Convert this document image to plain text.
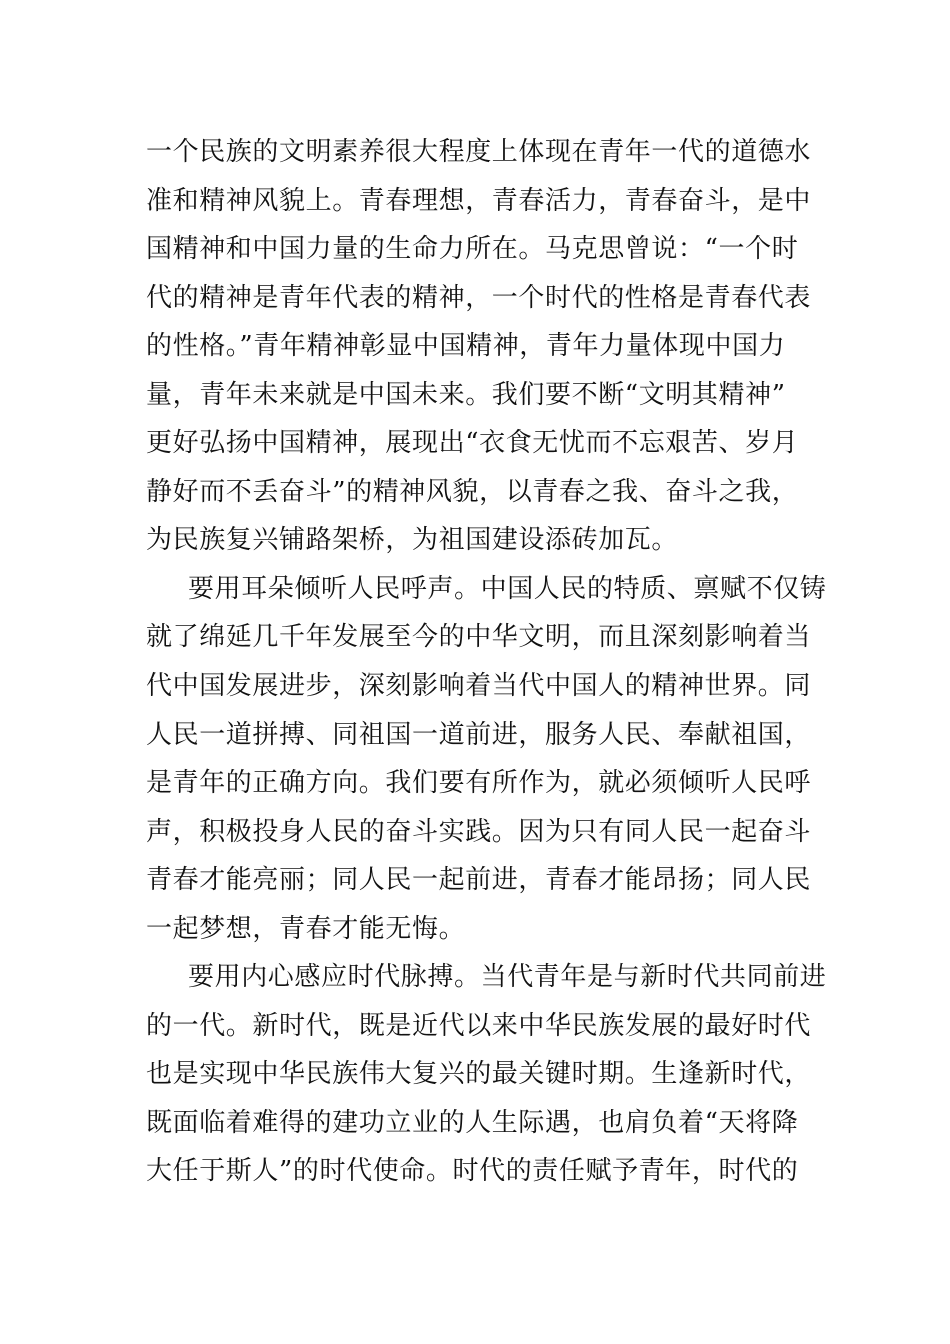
一个民族的文明素养很大程度上体现在青年一代的道德水
准和精神风貌上。青春理想，青春活力，青春奋斗，是中
国精神和中国力量的生命力所在。马克思曾说：“一个时
代的精神是青年代表的精神，一个时代的性格是青春代表
的性格。”青年精神彰显中国精神，青年力量体现中国力
量，青年未来就是中国未来。我们要不断“文明其精神”
更好弘扬中国精神，展现出“衣食无忧而不忘艰苦、岁月
静好而不丢奋斗”的精神风貌，以青春之我、奋斗之我，
为民族复兴铺路架桥，为祖国建设添砖加瓦。
要用耳朵倾听人民呼声。中国人民的特质、禀赋不仅铸
就了绵延几千年发展至今的中华文明，而且深刻影响着当
代中国发展进步，深刻影响着当代中国人的精神世界。同
人民一道拼搏、同祖国一道前进，服务人民、奉献祖国，
是青年的正确方向。我们要有所作为，就必须倾听人民呼
声，积极投身人民的奋斗实践。因为只有同人民一起奋斗
青春才能亮丽；同人民一起前进，青春才能昂扬；同人民
一起梦想，青春才能无悔。
要用内心感应时代脉搏。当代青年是与新时代共同前进
的一代。新时代，既是近代以来中华民族发展的最好时代
也是实现中华民族伟大复兴的最关键时期。生逢新时代，
既面临着难得的建功立业的人生际遇，也肩负着“天将降
大任于斯人”的时代使命。时代的责任赋予青年，时代的
